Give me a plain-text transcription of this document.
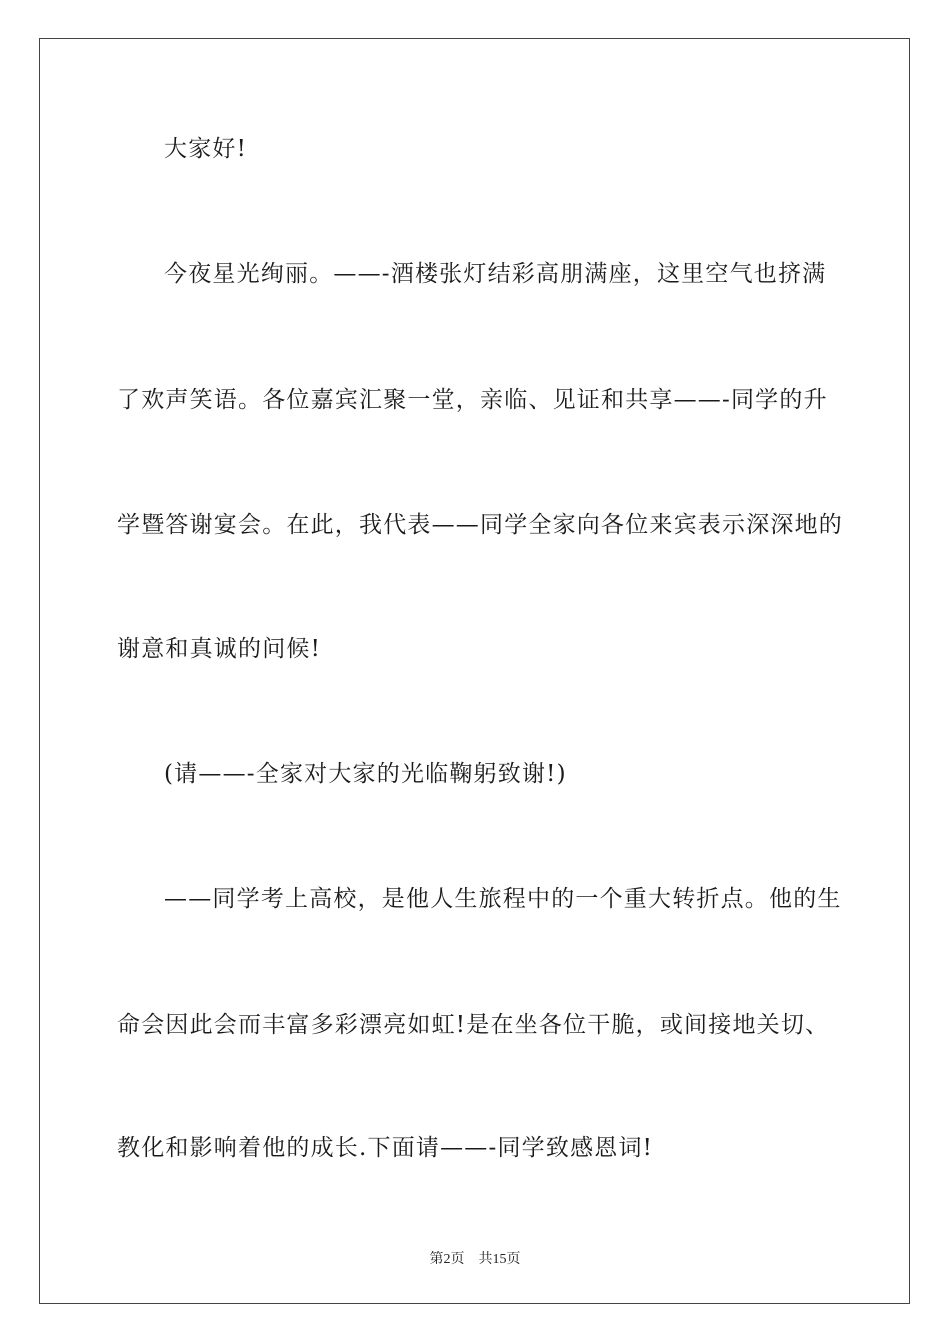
大家好!
今夜星光绚丽。——-酒楼张灯结彩高朋满座，这里空气也挤满
了欢声笑语。各位嘉宾汇聚一堂，亲临、见证和共享——-同学的升
学暨答谢宴会。在此，我代表——同学全家向各位来宾表示深深地的
谢意和真诚的问候!
(请——-全家对大家的光临鞠躬致谢!)
——同学考上高校，是他人生旅程中的一个重大转折点。他的生
命会因此会而丰富多彩漂亮如虹!是在坐各位干脆，或间接地关切、
教化和影响着他的成长.下面请——-同学致感恩词!
第2页 共15页
